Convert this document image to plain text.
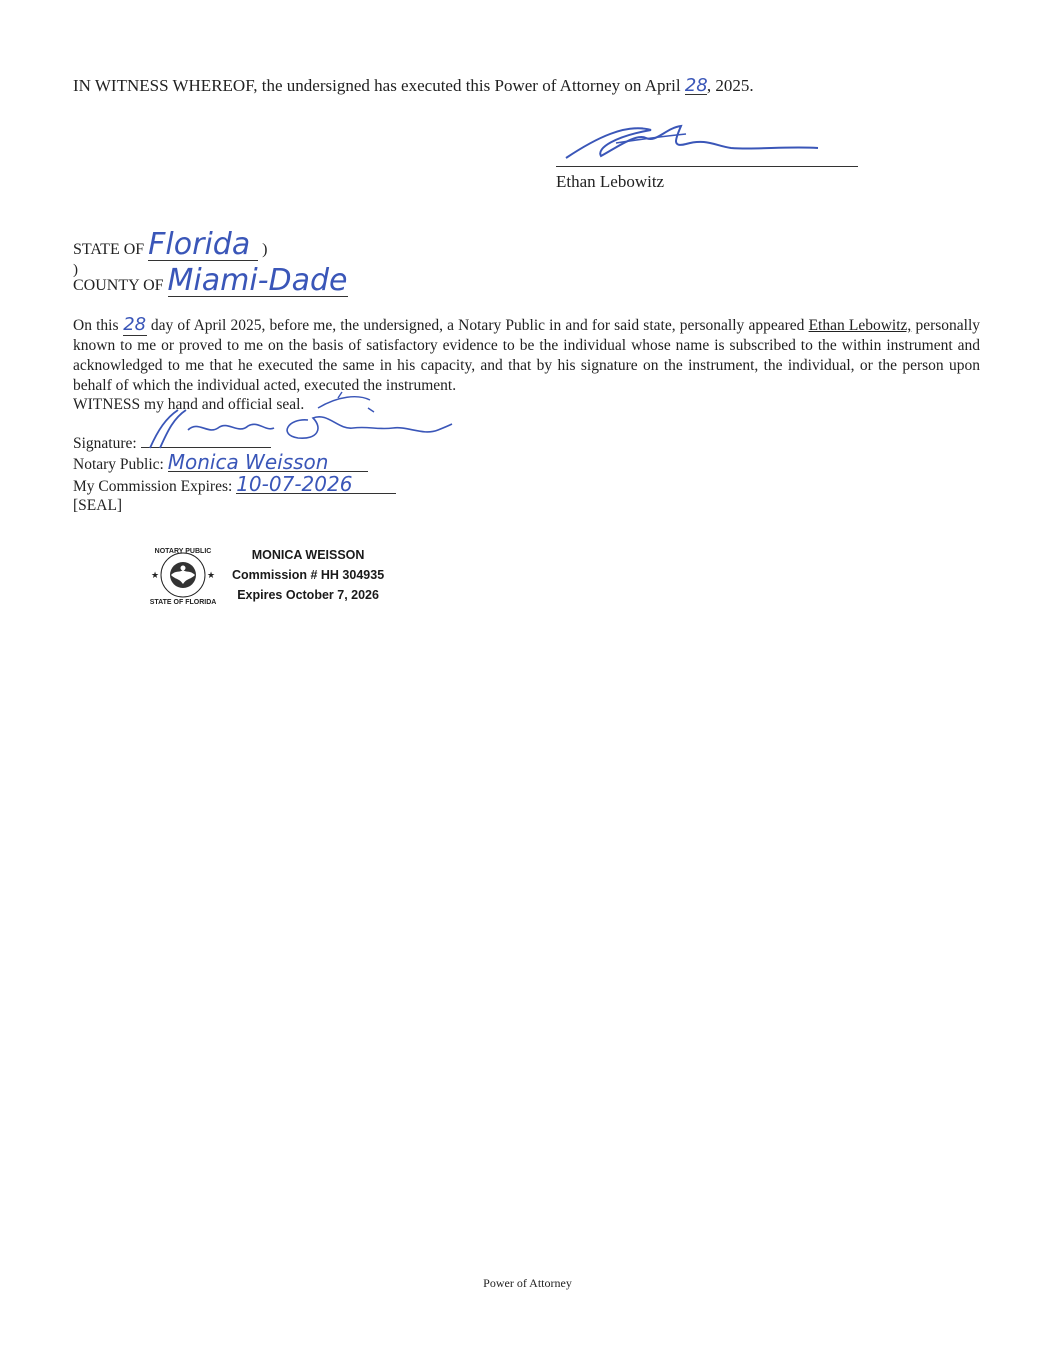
IN WITNESS WHEREOF, the undersigned has executed this Power of Attorney on April 28, 2025.
Ethan Lebowitz
STATE OF Florida )
)
COUNTY OF Miami-Dade
On this 28 day of April 2025, before me, the undersigned, a Notary Public in and for said state, personally appeared Ethan Lebowitz, personally known to me or proved to me on the basis of satisfactory evidence to be the individual whose name is subscribed to the within instrument and acknowledged to me that he executed the same in his capacity, and that by his signature on the instrument, the individual, or the person upon behalf of which the individual acted, executed the instrument.
WITNESS my hand and official seal.
Signature:
Notary Public: Monica Weisson
My Commission Expires: 10-07-2026
[SEAL]
NOTARY PUBLIC
STATE OF FLORIDA
★	★
MONICA WEISSON
Commission # HH 304935
Expires October 7, 2026
Power of Attorney
